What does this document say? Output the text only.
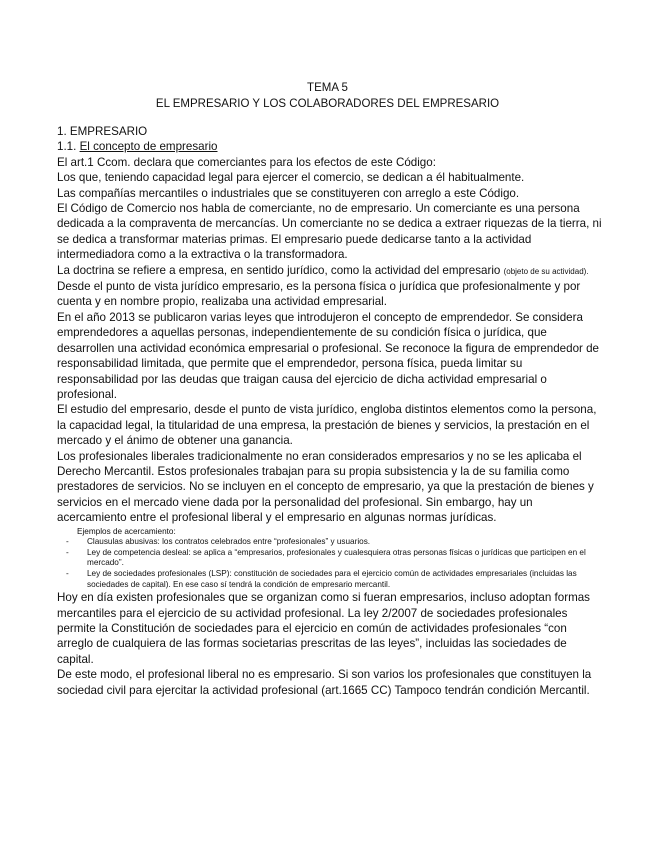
TEMA 5
EL EMPRESARIO Y LOS COLABORADORES DEL EMPRESARIO

1. EMPRESARIO

1.1. El concepto de empresario

El art.1 Ccom. declara que comerciantes para los efectos de este Código:

Los que, teniendo capacidad legal para ejercer el comercio, se dedican a él habitualmente.

Las compañías mercantiles o industriales que se constituyeren con arreglo a este Código.

El Código de Comercio nos habla de comerciante, no de empresario. Un comerciante es una persona dedicada a la compraventa de mercancías. Un comerciante no se dedica a extraer riquezas de la tierra, ni se dedica a transformar materias primas. El empresario puede dedicarse tanto a la actividad intermediadora como a la extractiva o la transformadora.

La doctrina se refiere a empresa, en sentido jurídico, como la actividad del empresario (objeto de su actividad).

Desde el punto de vista jurídico empresario, es la persona física o jurídica que profesionalmente y por cuenta y en nombre propio, realizaba una actividad empresarial.

En el año 2013 se publicaron varias leyes que introdujeron el concepto de emprendedor. Se considera emprendedores a aquellas personas, independientemente de su condición física o jurídica, que desarrollen una actividad económica empresarial o profesional. Se reconoce la figura de emprendedor de responsabilidad limitada, que permite que el emprendedor, persona física, pueda limitar su responsabilidad por las deudas que traigan causa del ejercicio de dicha actividad empresarial o profesional.

El estudio del empresario, desde el punto de vista jurídico, engloba distintos elementos como la persona, la capacidad legal, la titularidad de una empresa, la prestación de bienes y servicios, la prestación en el mercado y el ánimo de obtener una ganancia.

Los profesionales liberales tradicionalmente no eran considerados empresarios y no se les aplicaba el Derecho Mercantil. Estos profesionales trabajan para su propia subsistencia y la de su familia como prestadores de servicios. No se incluyen en el concepto de empresario, ya que la prestación de bienes y servicios en el mercado viene dada por la personalidad del profesional. Sin embargo, hay un acercamiento entre el profesional liberal y el empresario en algunas normas jurídicas.

Ejemplos de acercamiento:
- Clausulas abusivas: los contratos celebrados entre “profesionales” y usuarios.
- Ley de competencia desleal: se aplica a “empresarios, profesionales y cualesquiera otras personas físicas o jurídicas que participen en el mercado”.
- Ley de sociedades profesionales (LSP): constitución de sociedades para el ejercicio común de actividades empresariales (incluidas las sociedades de capital). En ese caso sí tendrá la condición de empresario mercantil.

Hoy en día existen profesionales que se organizan como si fueran empresarios, incluso adoptan formas mercantiles para el ejercicio de su actividad profesional. La ley 2/2007 de sociedades profesionales permite la Constitución de sociedades para el ejercicio en común de actividades profesionales “con arreglo de cualquiera de las formas societarias prescritas de las leyes”, incluidas las sociedades de capital.

De este modo, el profesional liberal no es empresario. Si son varios los profesionales que constituyen la sociedad civil para ejercitar la actividad profesional (art.1665 CC) Tampoco tendrán condición Mercantil.
